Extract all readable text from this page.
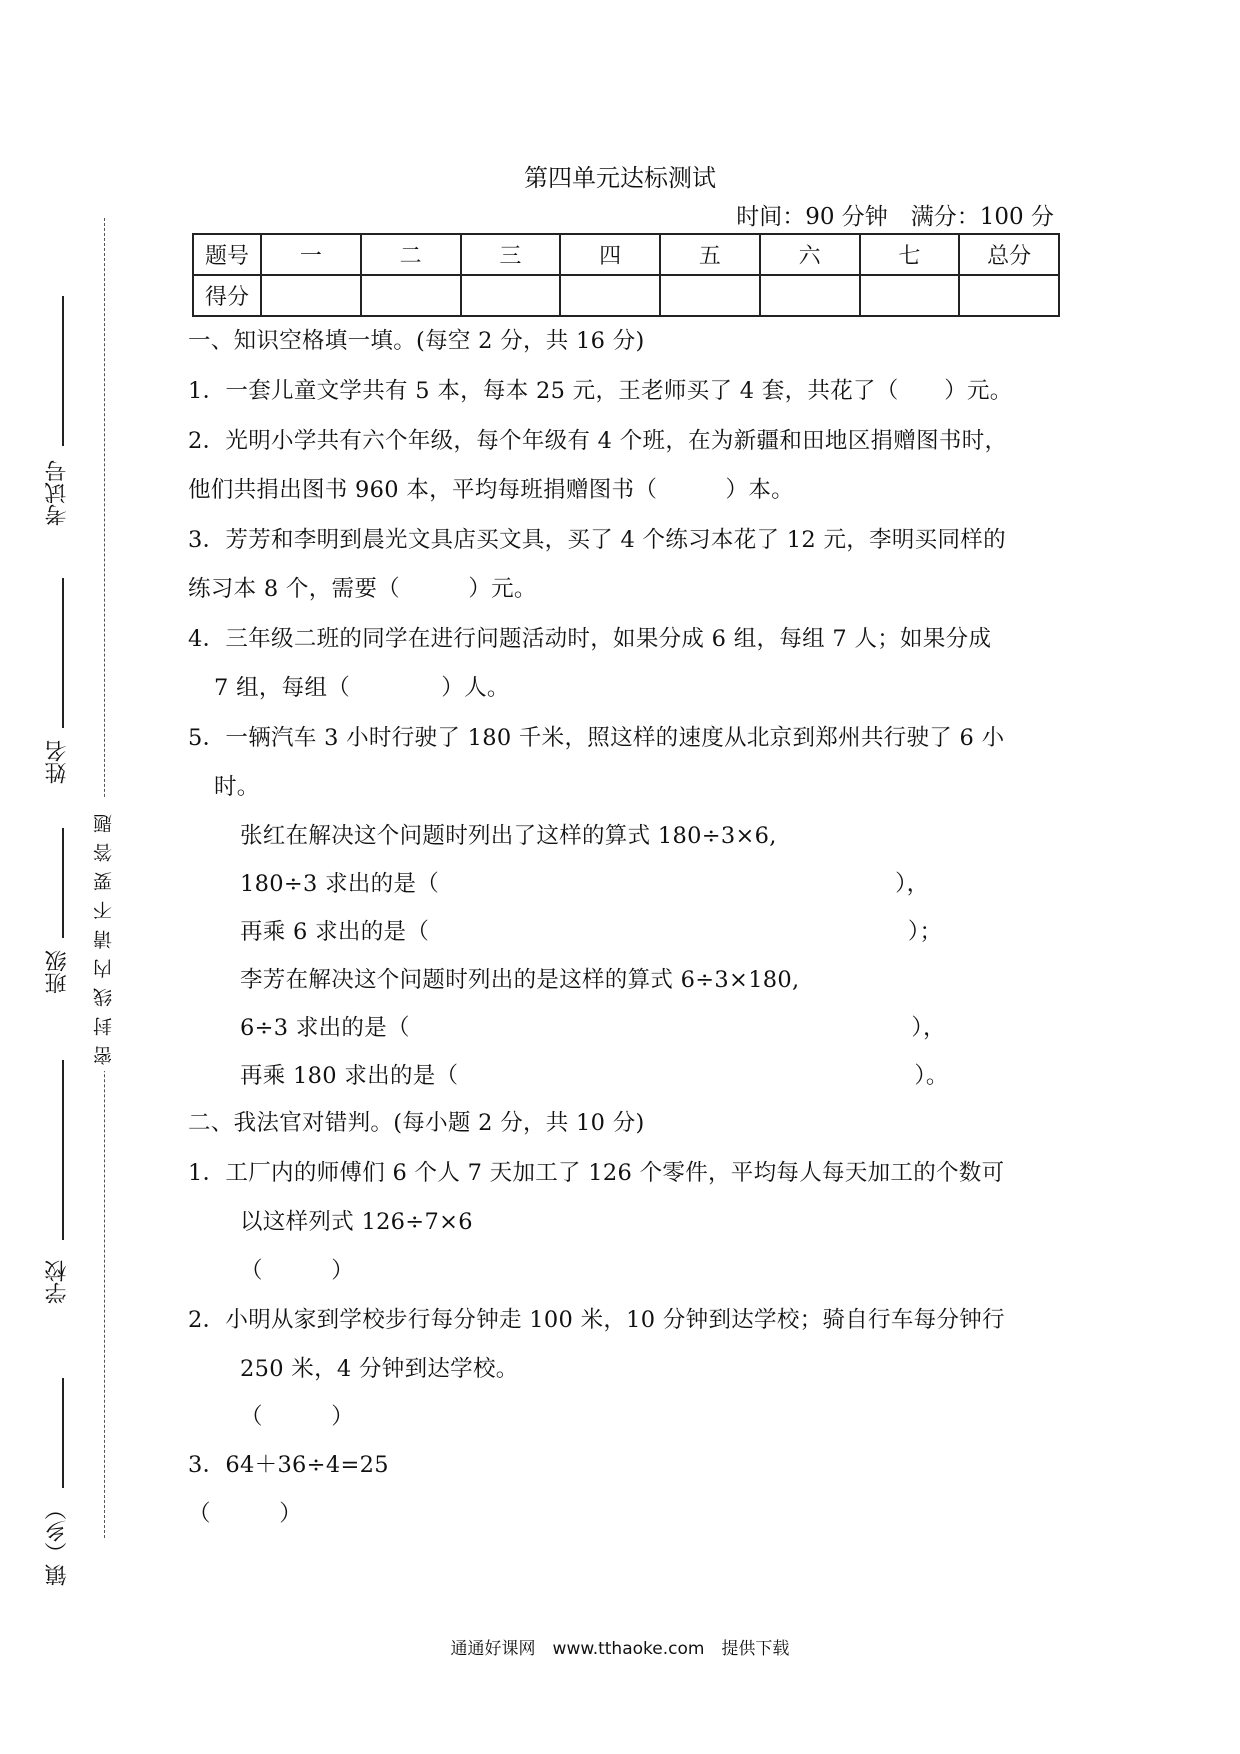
第四单元达标测试
时间：90 分钟　满分：100 分
题号	一	二	三	四	五	六	七	总分
得分								
一、知识空格填一填。(每空 2 分，共 16 分)
1．一套儿童文学共有 5 本，每本 25 元，王老师买了 4 套，共花了（　　）元。
2．光明小学共有六个年级，每个年级有 4 个班，在为新疆和田地区捐赠图书时，
他们共捐出图书 960 本，平均每班捐赠图书（　　　）本。
3．芳芳和李明到晨光文具店买文具，买了 4 个练习本花了 12 元，李明买同样的
练习本 8 个，需要（　　　）元。
4．三年级二班的同学在进行问题活动时，如果分成 6 组，每组 7 人；如果分成
7 组，每组（　　　　）人。
5．一辆汽车 3 小时行驶了 180 千米，照这样的速度从北京到郑州共行驶了 6 小
时。
张红在解决这个问题时列出了这样的算式 180÷3×6,
180÷3 求出的是（　　　　　　　　　　　　　　　　　　　　），
再乘 6 求出的是（　　　　　　　　　　　　　　　　　　　　　）；
李芳在解决这个问题时列出的是这样的算式 6÷3×180,
6÷3 求出的是（　　　　　　　　　　　　　　　　　　　　　　），
再乘 180 求出的是（　　　　　　　　　　　　　　　　　　　　）。
二、我法官对错判。(每小题 2 分，共 10 分)
1．工厂内的师傅们 6 个人 7 天加工了 126 个零件，平均每人每天加工的个数可
以这样列式 126÷7×6
（　　　）
2．小明从家到学校步行每分钟走 100 米，10 分钟到达学校；骑自行车每分钟行
250 米，4 分钟到达学校。
（　　　）
3．64＋36÷4=25
（　　　）
考试号
姓名
班级
学校
镇（乡）
密封线内请不要答题
通通好课网　www.tthaoke.com　提供下载
